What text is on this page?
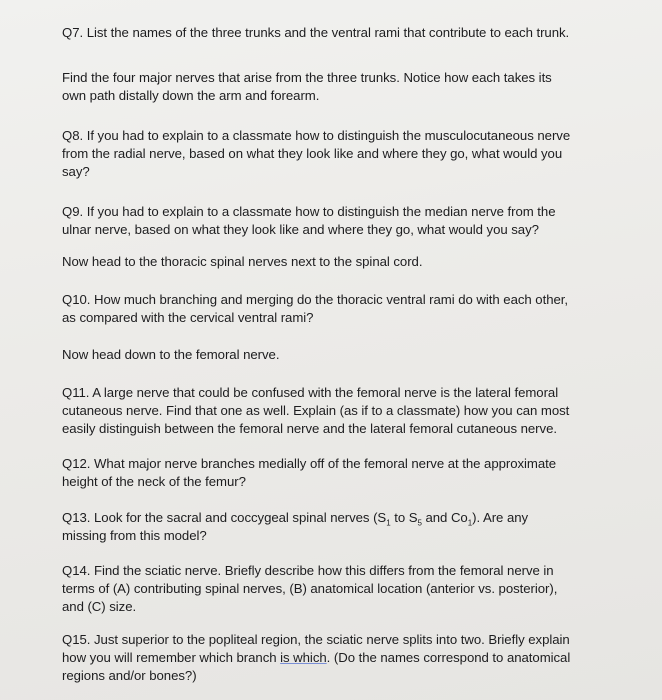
Q7. List the names of the three trunks and the ventral rami that contribute to each trunk.
Find the four major nerves that arise from the three trunks. Notice how each takes its
own path distally down the arm and forearm.
Q8. If you had to explain to a classmate how to distinguish the musculocutaneous nerve
from the radial nerve, based on what they look like and where they go, what would you
say?
Q9. If you had to explain to a classmate how to distinguish the median nerve from the
ulnar nerve, based on what they look like and where they go, what would you say?
Now head to the thoracic spinal nerves next to the spinal cord.
Q10. How much branching and merging do the thoracic ventral rami do with each other,
as compared with the cervical ventral rami?
Now head down to the femoral nerve.
Q11. A large nerve that could be confused with the femoral nerve is the lateral femoral
cutaneous nerve. Find that one as well. Explain (as if to a classmate) how you can most
easily distinguish between the femoral nerve and the lateral femoral cutaneous nerve.
Q12. What major nerve branches medially off of the femoral nerve at the approximate
height of the neck of the femur?
Q13. Look for the sacral and coccygeal spinal nerves ($S_1$ to $S_5$ and $Co_1$). Are any
missing from this model?
Q14. Find the sciatic nerve. Briefly describe how this differs from the femoral nerve in
terms of (A) contributing spinal nerves, (B) anatomical location (anterior vs. posterior),
and (C) size.
Q15. Just superior to the popliteal region, the sciatic nerve splits into two. Briefly explain
how you will remember which branch is which. (Do the names correspond to anatomical
regions and/or bones?)
